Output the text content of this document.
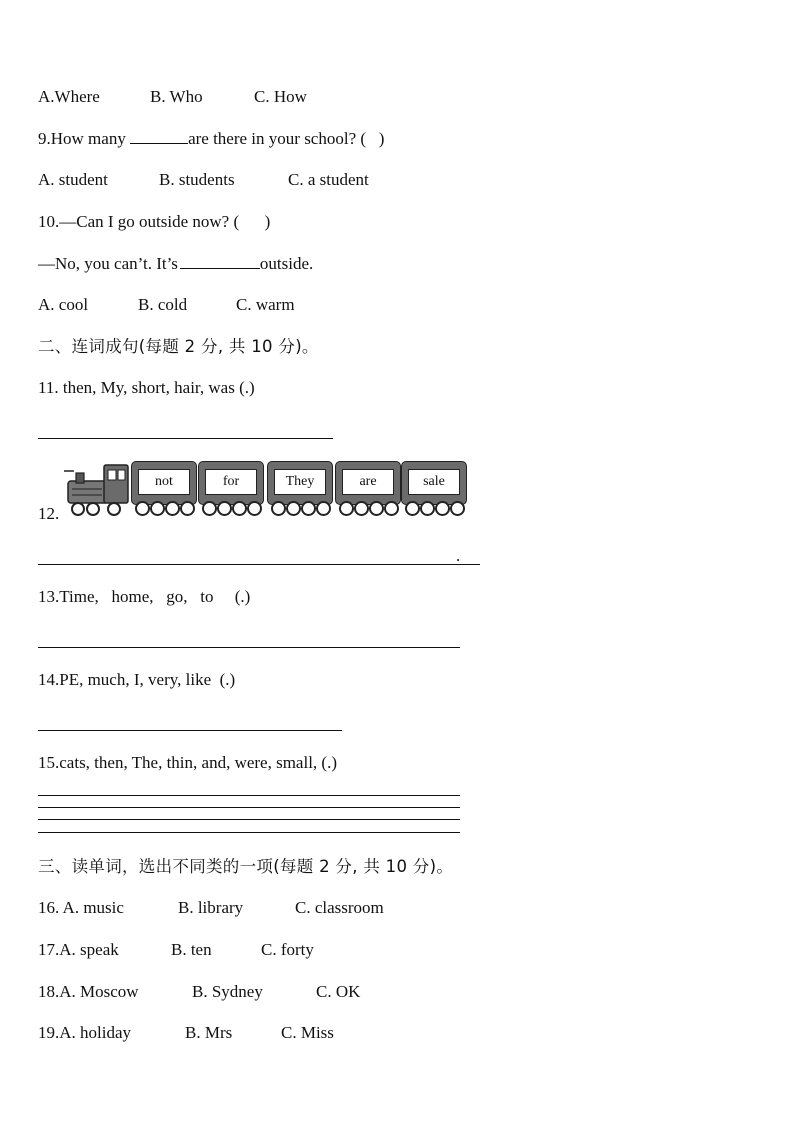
A.Where	B. Who	C. How
9.How many	are there in your school? (   )
A. student	B. students	C. a student
10.—Can I go outside now? (      )
—No, you can’t. It’s	outside.
A. cool	B. cold	C. warm
二、连词成句(每题 2 分, 共 10 分)。
11. then, My, short, hair, was (.)
12.
not	for	They	are	sale
.
13.Time,   home,   go,   to     (.)
14.PE, much, I, very, like  (.)
15.cats, then, The, thin, and, were, small, (.)
三、读单词，选出不同类的一项(每题 2 分, 共 10 分)。
16. A. music	B. library	C. classroom
17.A. speak	B. ten	C. forty
18.A. Moscow	B. Sydney	C. OK
19.A. holiday	B. Mrs	C. Miss
